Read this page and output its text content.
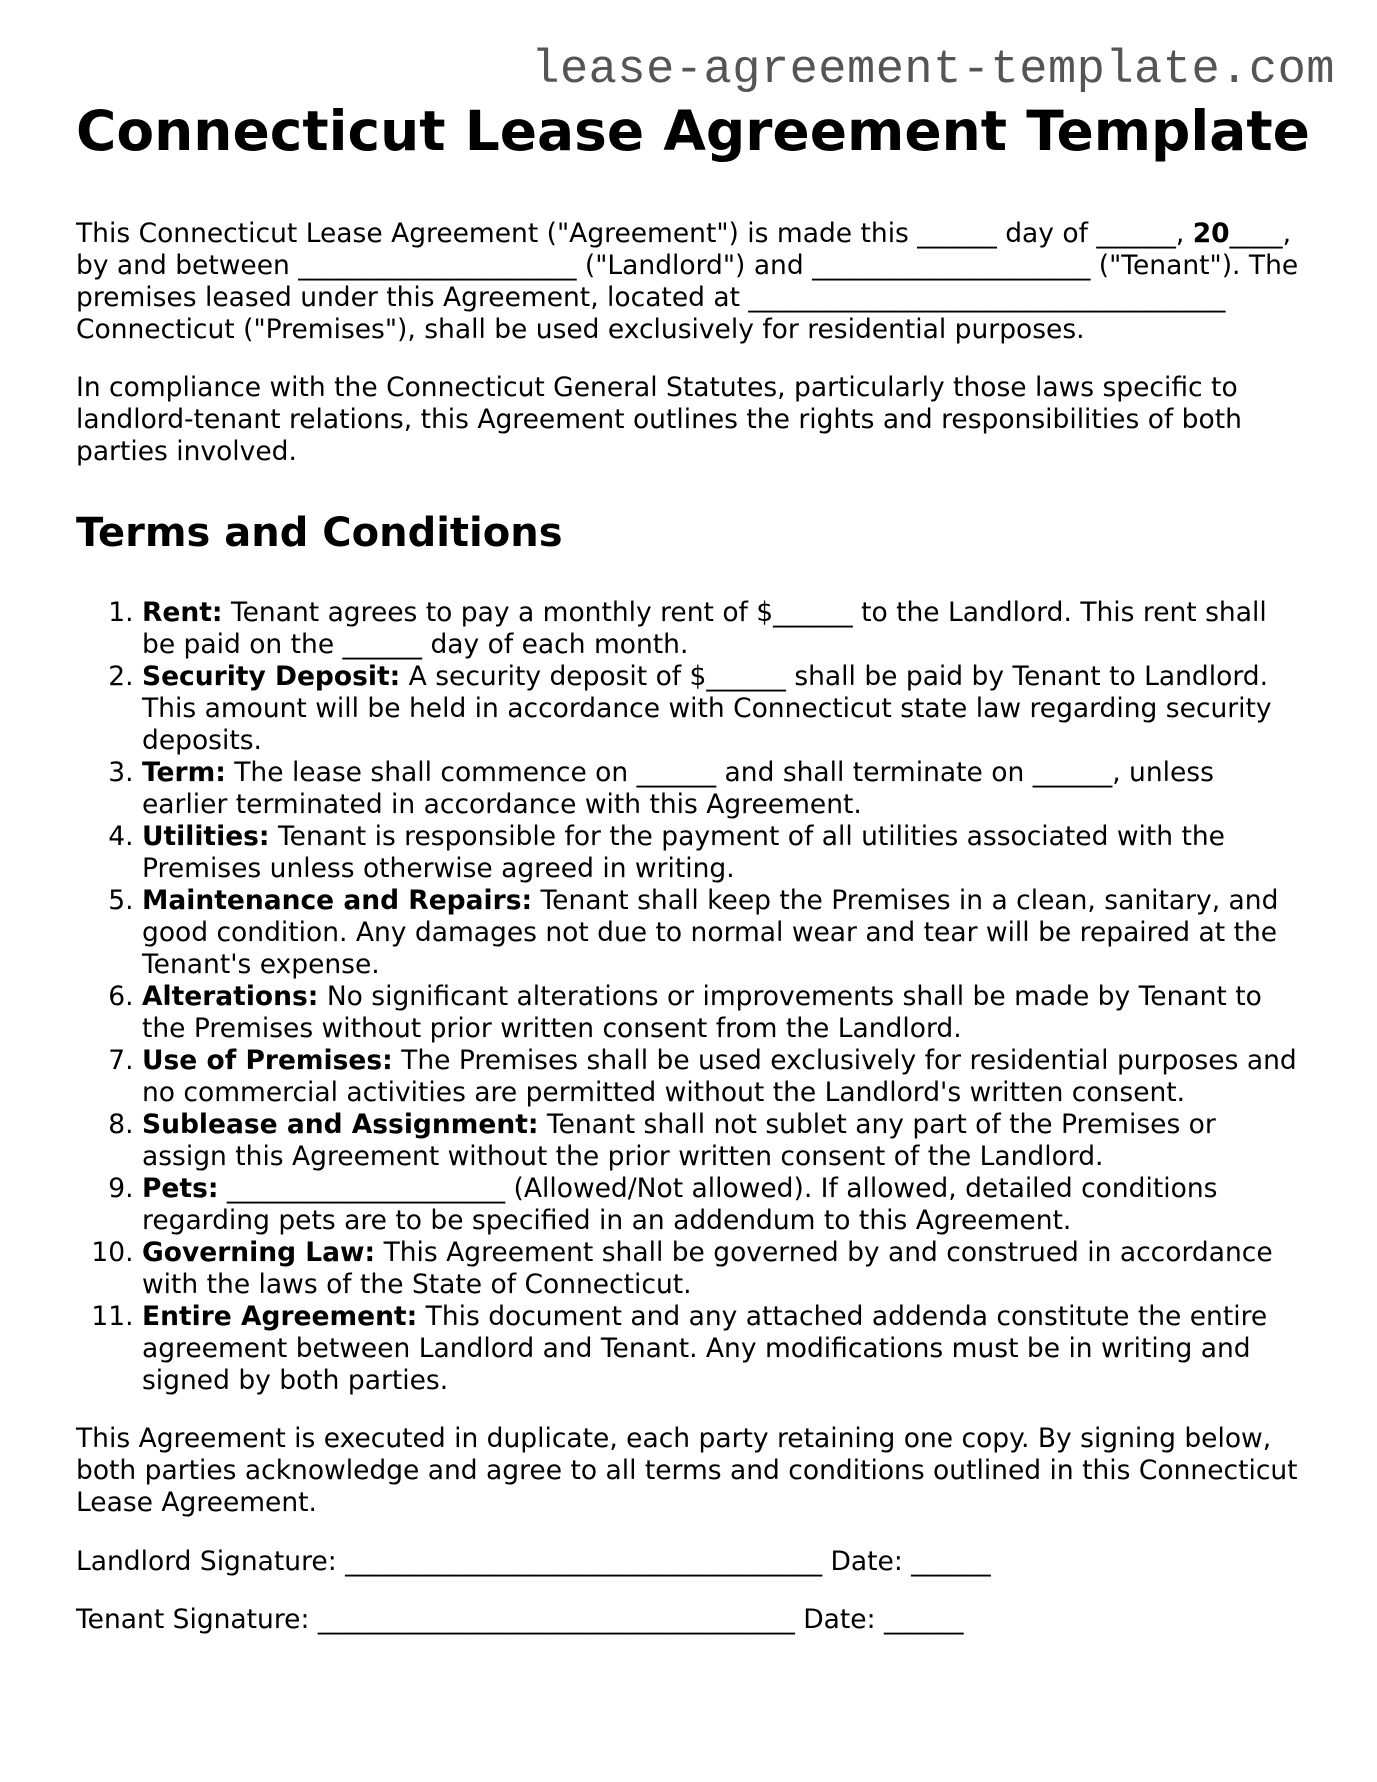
lease-agreement-template.com
Connecticut Lease Agreement Template

This Connecticut Lease Agreement ("Agreement") is made this ______ day of ______, 20____, by and between _____________________ ("Landlord") and _____________________ ("Tenant"). The premises leased under this Agreement, located at ____________________________________ Connecticut ("Premises"), shall be used exclusively for residential purposes.

In compliance with the Connecticut General Statutes, particularly those laws specific to landlord-tenant relations, this Agreement outlines the rights and responsibilities of both parties involved.

Terms and Conditions
1. Rent: Tenant agrees to pay a monthly rent of $______ to the Landlord. This rent shall be paid on the ______ day of each month.
2. Security Deposit: A security deposit of $______ shall be paid by Tenant to Landlord. This amount will be held in accordance with Connecticut state law regarding security deposits.
3. Term: The lease shall commence on ______ and shall terminate on ______, unless earlier terminated in accordance with this Agreement.
4. Utilities: Tenant is responsible for the payment of all utilities associated with the Premises unless otherwise agreed in writing.
5. Maintenance and Repairs: Tenant shall keep the Premises in a clean, sanitary, and good condition. Any damages not due to normal wear and tear will be repaired at the Tenant's expense.
6. Alterations: No significant alterations or improvements shall be made by Tenant to the Premises without prior written consent from the Landlord.
7. Use of Premises: The Premises shall be used exclusively for residential purposes and no commercial activities are permitted without the Landlord's written consent.
8. Sublease and Assignment: Tenant shall not sublet any part of the Premises or assign this Agreement without the prior written consent of the Landlord.
9. Pets: _____________________ (Allowed/Not allowed). If allowed, detailed conditions regarding pets are to be specified in an addendum to this Agreement.
10. Governing Law: This Agreement shall be governed by and construed in accordance with the laws of the State of Connecticut.
11. Entire Agreement: This document and any attached addenda constitute the entire agreement between Landlord and Tenant. Any modifications must be in writing and signed by both parties.

This Agreement is executed in duplicate, each party retaining one copy. By signing below, both parties acknowledge and agree to all terms and conditions outlined in this Connecticut Lease Agreement.

Landlord Signature: ____________________________________ Date: ______

Tenant Signature: ____________________________________ Date: ______
